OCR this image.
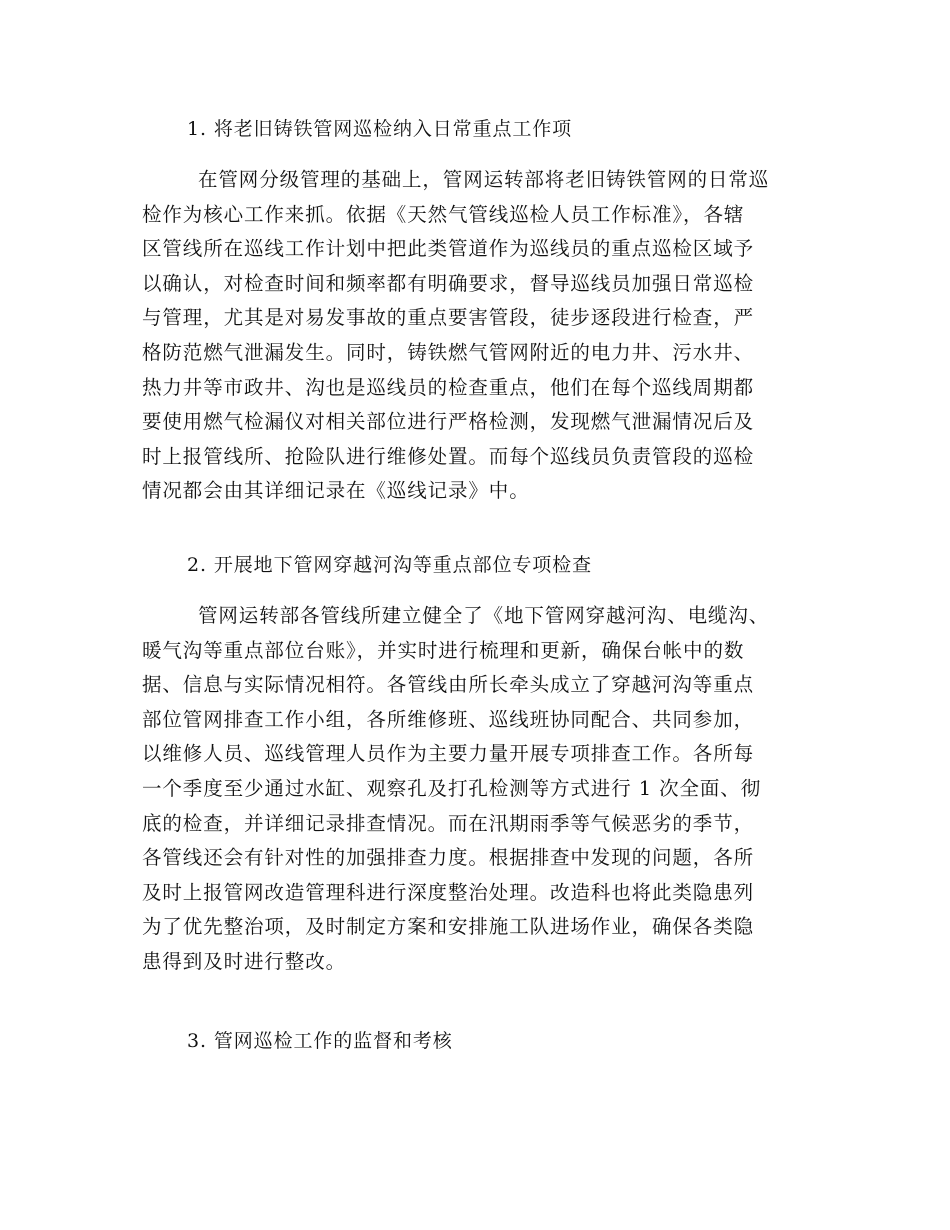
1. 将老旧铸铁管网巡检纳入日常重点工作项
在管网分级管理的基础上，管网运转部将老旧铸铁管网的日常巡
检作为核心工作来抓。依据《天然气管线巡检人员工作标准》，各辖
区管线所在巡线工作计划中把此类管道作为巡线员的重点巡检区域予
以确认，对检查时间和频率都有明确要求，督导巡线员加强日常巡检
与管理，尤其是对易发事故的重点要害管段，徒步逐段进行检查，严
格防范燃气泄漏发生。同时，铸铁燃气管网附近的电力井、污水井、
热力井等市政井、沟也是巡线员的检查重点，他们在每个巡线周期都
要使用燃气检漏仪对相关部位进行严格检测，发现燃气泄漏情况后及
时上报管线所、抢险队进行维修处置。而每个巡线员负责管段的巡检
情况都会由其详细记录在《巡线记录》中。
2. 开展地下管网穿越河沟等重点部位专项检查
管网运转部各管线所建立健全了《地下管网穿越河沟、电缆沟、
暖气沟等重点部位台账》，并实时进行梳理和更新，确保台帐中的数
据、信息与实际情况相符。各管线由所长牵头成立了穿越河沟等重点
部位管网排查工作小组，各所维修班、巡线班协同配合、共同参加，
以维修人员、巡线管理人员作为主要力量开展专项排查工作。各所每
一个季度至少通过水缸、观察孔及打孔检测等方式进行 1 次全面、彻
底的检查，并详细记录排查情况。而在汛期雨季等气候恶劣的季节，
各管线还会有针对性的加强排查力度。根据排查中发现的问题，各所
及时上报管网改造管理科进行深度整治处理。改造科也将此类隐患列
为了优先整治项，及时制定方案和安排施工队进场作业，确保各类隐
患得到及时进行整改。
3. 管网巡检工作的监督和考核
